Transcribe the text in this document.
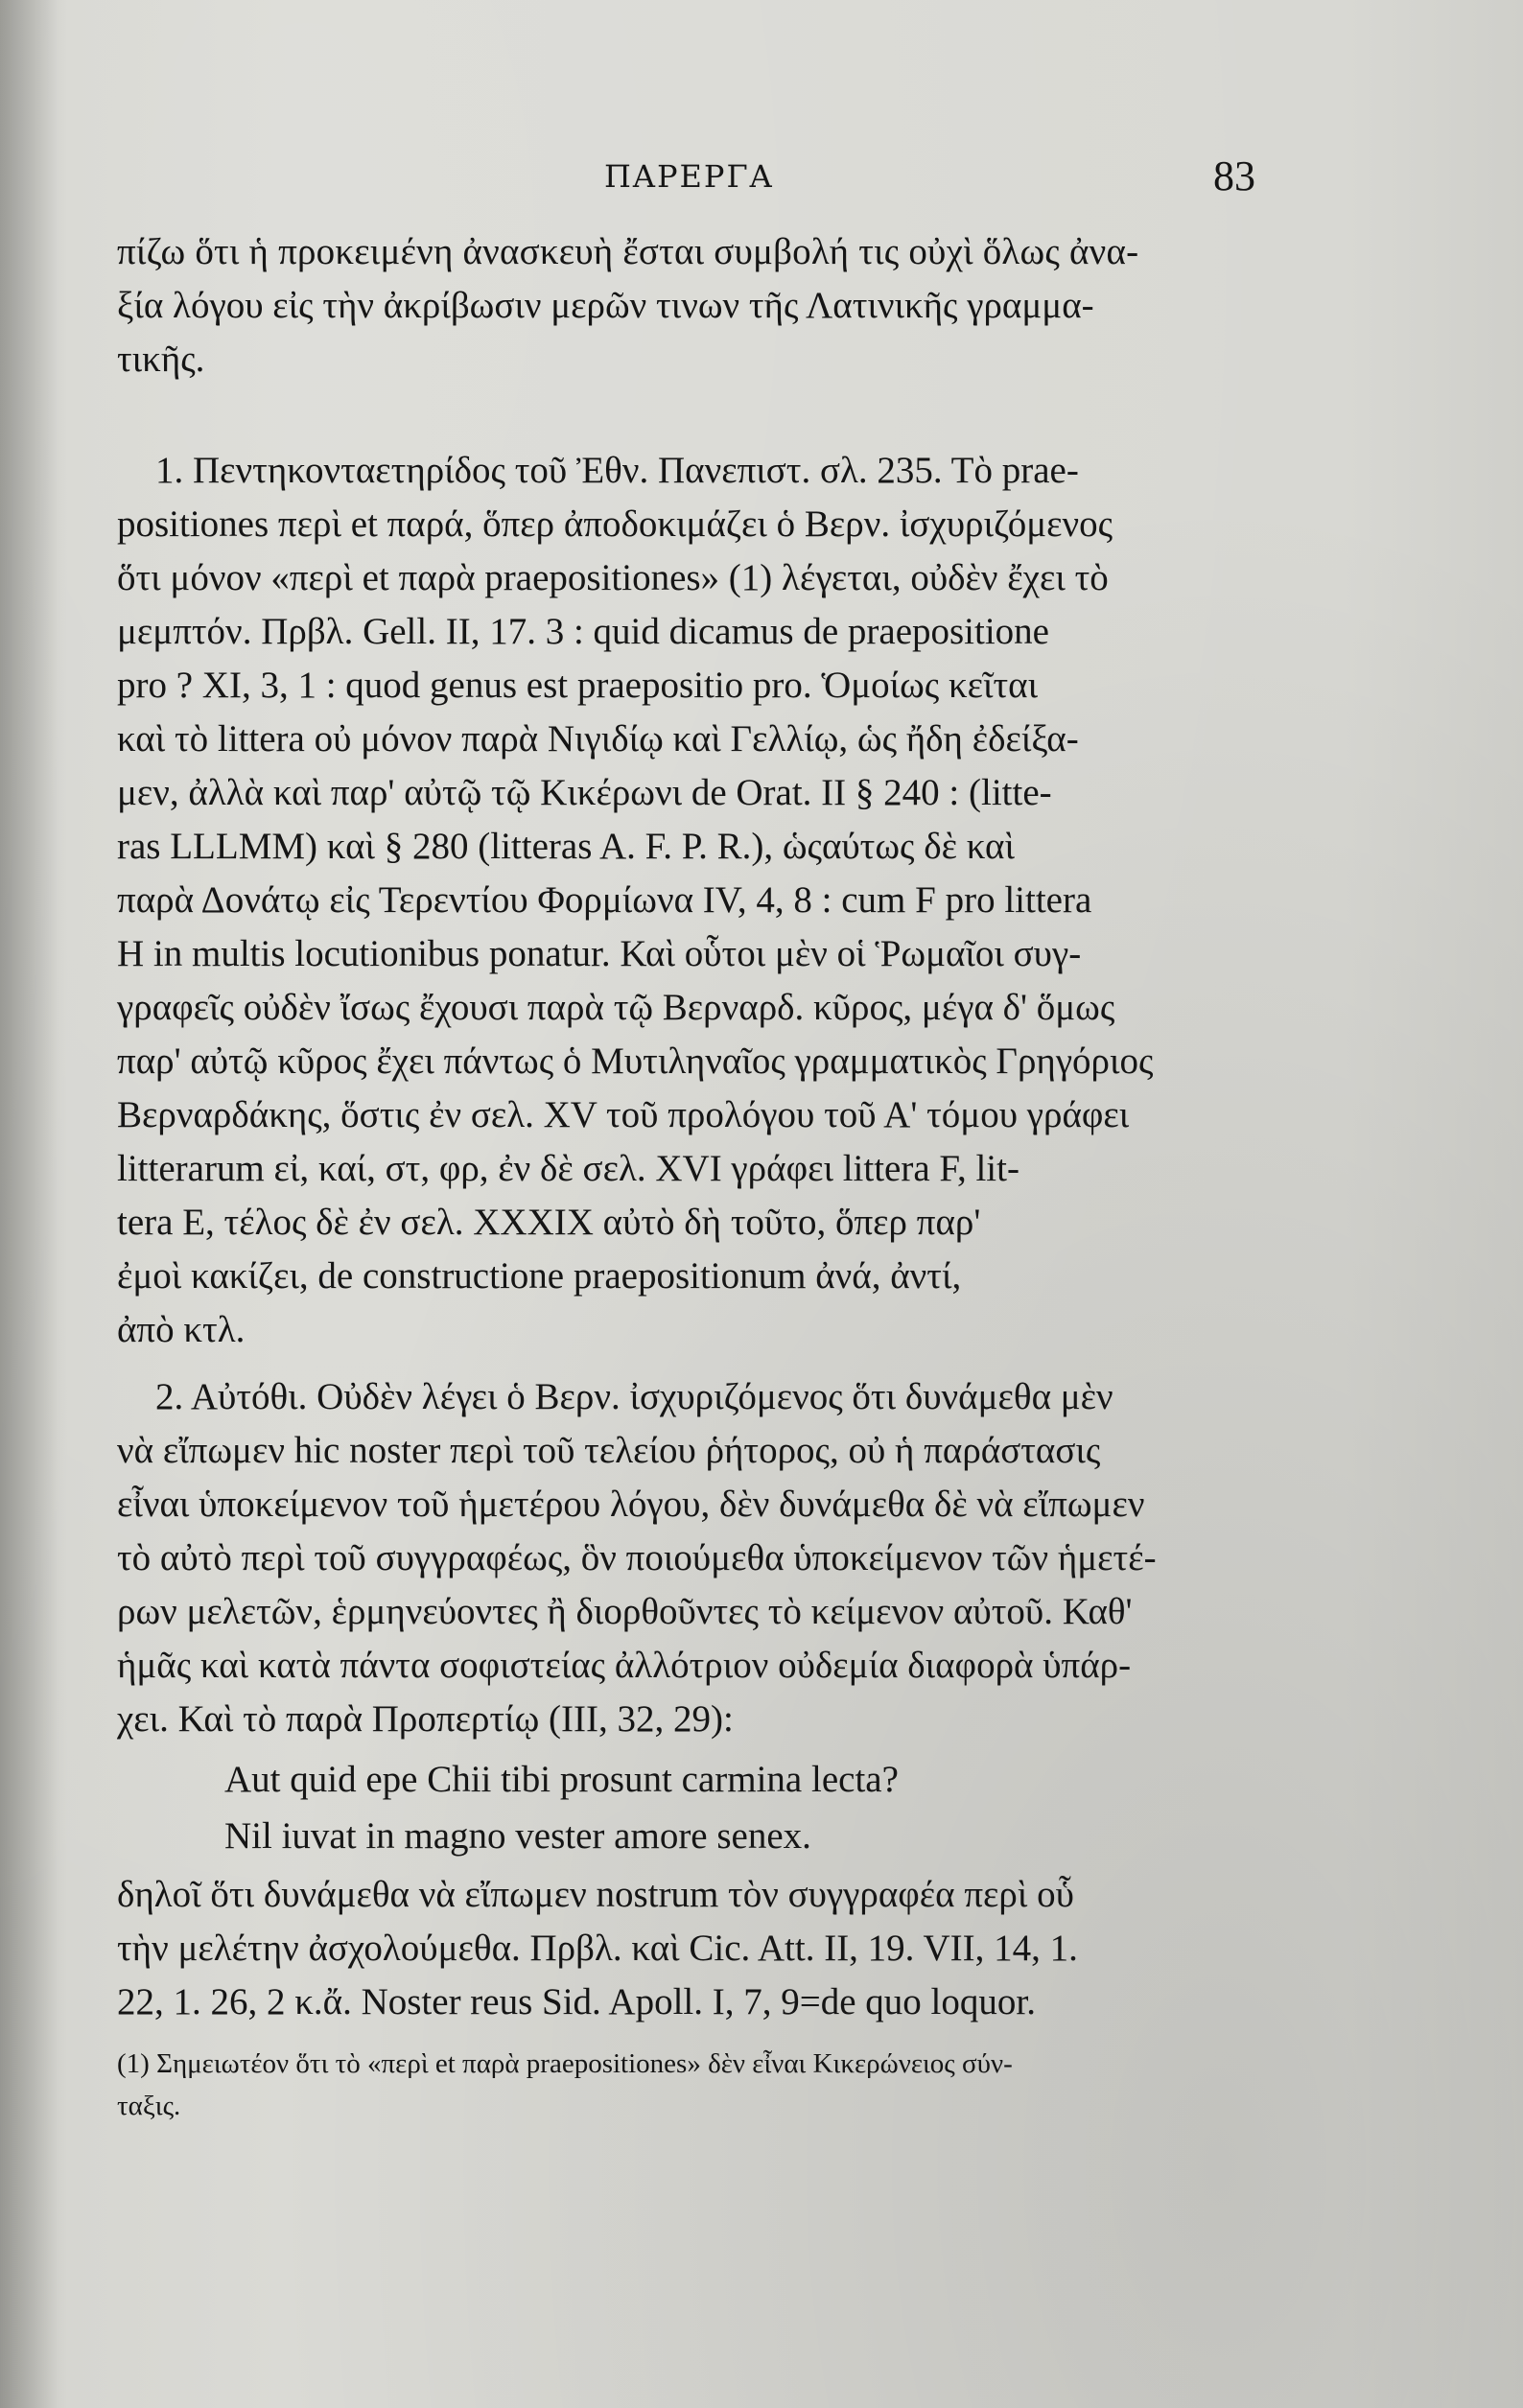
ΠΑΡΕΡΓΑ	83
πίζω ὅτι ἡ προκειμένη ἀνασκευὴ ἔσται συμβολή τις οὐχὶ ὅλως ἀνα-
ξία λόγου εἰς τὴν ἀκρίβωσιν μερῶν τινων τῆς Λατινικῆς γραμμα-
τικῆς.
1. Πεντηκονταετηρίδος τοῦ Ἐθν. Πανεπιστ. σλ. 235. Τὸ prae-
positiones περὶ et παρά, ὅπερ ἀποδοκιμάζει ὁ Βερν. ἰσχυριζόμενος
ὅτι μόνον «περὶ et παρὰ praepositiones» (1) λέγεται, οὐδὲν ἔχει τὸ
μεμπτόν. Πρβλ. Gell. II, 17. 3 : quid dicamus de praepositione
pro ? XI, 3, 1 : quod genus est praepositio pro. Ὁμοίως κεῖται
καὶ τὸ littera οὐ μόνον παρὰ Νιγιδίῳ καὶ Γελλίῳ, ὡς ἤδη ἐδείξα-
μεν, ἀλλὰ καὶ παρ' αὐτῷ τῷ Κικέρωνι de Orat. II § 240 : (litte-
ras LLLMM) καὶ § 280 (litteras A. F. P. R.), ὡςαύτως δὲ καὶ
παρὰ Δονάτῳ εἰς Τερεντίου Φορμίωνα IV, 4, 8 : cum F pro littera
H in multis locutionibus ponatur. Καὶ οὗτοι μὲν οἱ Ῥωμαῖοι συγ-
γραφεῖς οὐδὲν ἴσως ἔχουσι παρὰ τῷ Βερναρδ. κῦρος, μέγα δ' ὅμως
παρ' αὐτῷ κῦρος ἔχει πάντως ὁ Μυτιληναῖος γραμματικὸς Γρηγόριος
Βερναρδάκης, ὅστις ἐν σελ. XV τοῦ προλόγου τοῦ Α' τόμου γράφει
litterarum εἰ, καί, στ, φρ, ἐν δὲ σελ. XVI γράφει littera F, lit-
tera E, τέλος δὲ ἐν σελ. XXXIX αὐτὸ δὴ τοῦτο, ὅπερ παρ'
ἐμοὶ κακίζει, de constructione praepositionum ἀνά, ἀντί,
ἀπὸ κτλ.
2. Αὐτόθι. Οὐδὲν λέγει ὁ Βερν. ἰσχυριζόμενος ὅτι δυνάμεθα μὲν
νὰ εἴπωμεν hic noster περὶ τοῦ τελείου ῥήτορος, οὐ ἡ παράστασις
εἶναι ὑποκείμενον τοῦ ἡμετέρου λόγου, δὲν δυνάμεθα δὲ νὰ εἴπωμεν
τὸ αὐτὸ περὶ τοῦ συγγραφέως, ὃν ποιούμεθα ὑποκείμενον τῶν ἡμετέ-
ρων μελετῶν, ἑρμηνεύοντες ἢ διορθοῦντες τὸ κείμενον αὐτοῦ. Καθ'
ἡμᾶς καὶ κατὰ πάντα σοφιστείας ἀλλότριον οὐδεμία διαφορὰ ὑπάρ-
χει. Καὶ τὸ παρὰ Προπερτίῳ (III, 32, 29):
Aut quid epe Chii tibi prosunt carmina lecta?
Nil iuvat in magno vester amore senex.
δηλοῖ ὅτι δυνάμεθα νὰ εἴπωμεν nostrum τὸν συγγραφέα περὶ οὗ
τὴν μελέτην ἀσχολούμεθα. Πρβλ. καὶ Cic. Att. II, 19. VII, 14, 1.
22, 1. 26, 2 κ.ἄ. Noster reus Sid. Apoll. I, 7, 9=de quo loquor.
(1) Σημειωτέον ὅτι τὸ «περὶ et παρὰ praepositiones» δὲν εἶναι Κικερώνειος σύν-
ταξις.
